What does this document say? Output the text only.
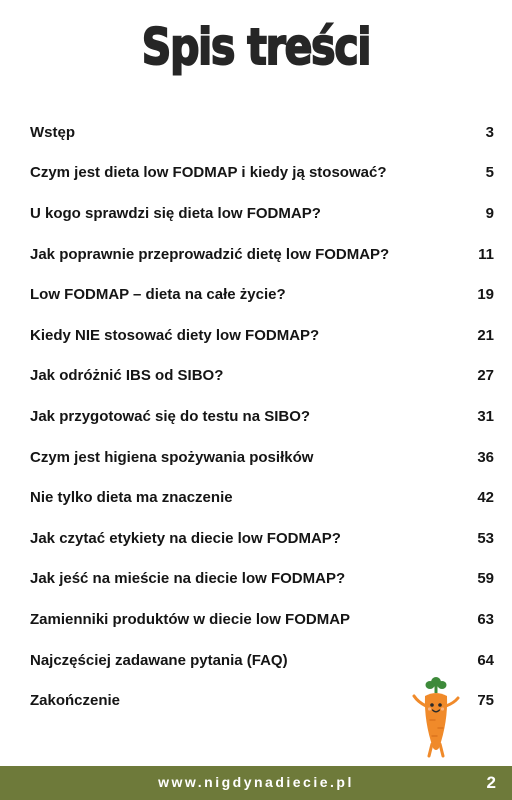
Spis treści
Wstęp	3
Czym jest dieta low FODMAP i kiedy ją stosować?	5
U kogo sprawdzi się dieta low FODMAP?	9
Jak poprawnie przeprowadzić dietę low FODMAP?	11
Low FODMAP – dieta na całe życie?	19
Kiedy NIE stosować diety low FODMAP?	21
Jak odróżnić IBS od SIBO?	27
Jak przygotować się do testu na SIBO?	31
Czym jest higiena spożywania posiłków	36
Nie tylko dieta ma znaczenie	42
Jak czytać etykiety na diecie low FODMAP?	53
Jak jeść na mieście na diecie low FODMAP?	59
Zamienniki produktów w diecie low FODMAP	63
Najczęściej zadawane pytania (FAQ)	64
Zakończenie	75
www.nigdynadiecie.pl	2
